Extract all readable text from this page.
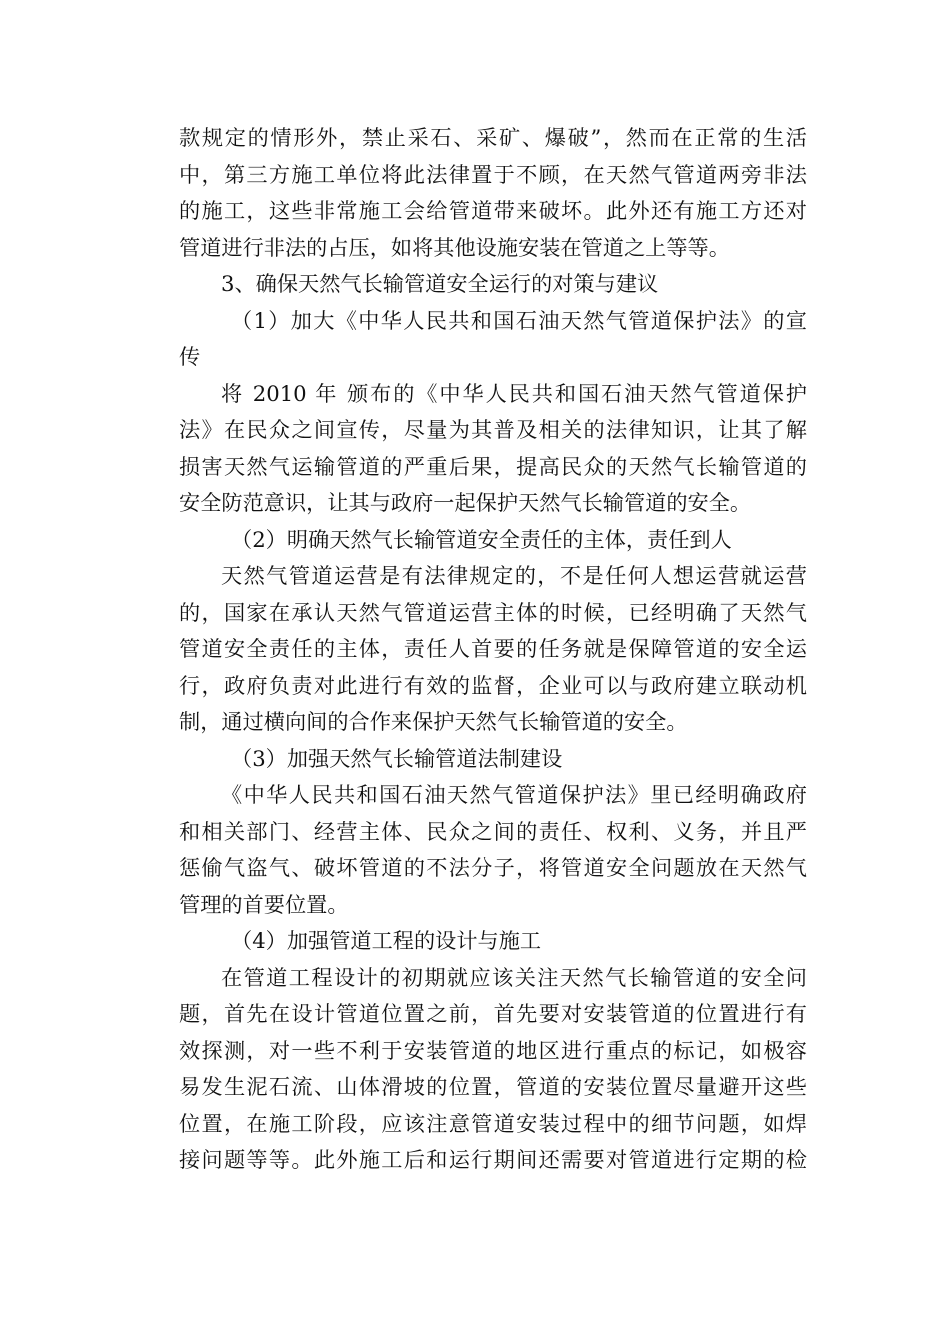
款规定的情形外，禁止采石、采矿、爆破”，然而在正常的生活
中，第三方施工单位将此法律置于不顾，在天然气管道两旁非法
的施工，这些非常施工会给管道带来破坏。此外还有施工方还对
管道进行非法的占压，如将其他设施安装在管道之上等等。
3、确保天然气长输管道安全运行的对策与建议
（1）加大《中华人民共和国石油天然气管道保护法》的宣
传
将 2010 年 颁布的《中华人民共和国石油天然气管道保护
法》在民众之间宣传，尽量为其普及相关的法律知识，让其了解
损害天然气运输管道的严重后果，提高民众的天然气长输管道的
安全防范意识，让其与政府一起保护天然气长输管道的安全。
（2）明确天然气长输管道安全责任的主体，责任到人
天然气管道运营是有法律规定的，不是任何人想运营就运营
的，国家在承认天然气管道运营主体的时候，已经明确了天然气
管道安全责任的主体，责任人首要的任务就是保障管道的安全运
行，政府负责对此进行有效的监督，企业可以与政府建立联动机
制，通过横向间的合作来保护天然气长输管道的安全。
（3）加强天然气长输管道法制建设
《中华人民共和国石油天然气管道保护法》里已经明确政府
和相关部门、经营主体、民众之间的责任、权利、义务，并且严
惩偷气盗气、破坏管道的不法分子，将管道安全问题放在天然气
管理的首要位置。
（4）加强管道工程的设计与施工
在管道工程设计的初期就应该关注天然气长输管道的安全问
题，首先在设计管道位置之前，首先要对安装管道的位置进行有
效探测，对一些不利于安装管道的地区进行重点的标记，如极容
易发生泥石流、山体滑坡的位置，管道的安装位置尽量避开这些
位置，在施工阶段，应该注意管道安装过程中的细节问题，如焊
接问题等等。此外施工后和运行期间还需要对管道进行定期的检
